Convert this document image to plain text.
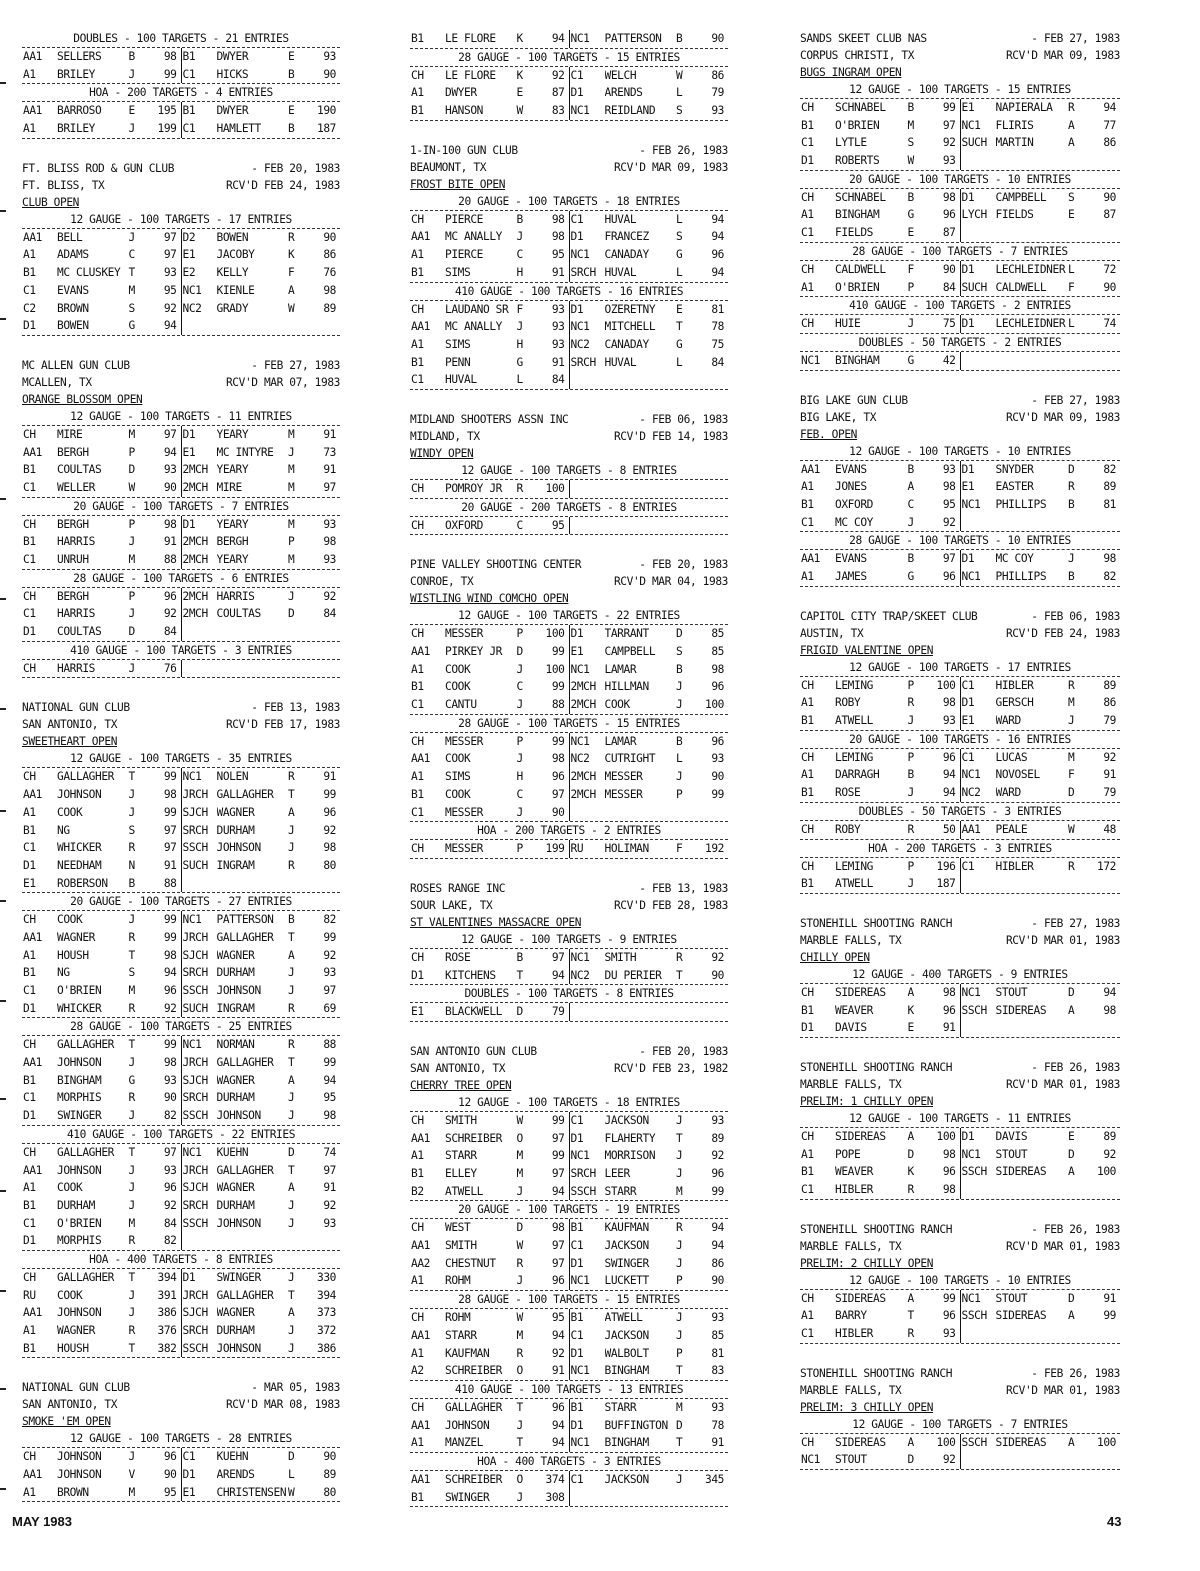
DOUBLES - 100 TARGETS - 21 ENTRIES
AA1	SELLERS	B	98 B1	DWYER	E	93
A1	BRILEY	J	99 C1	HICKS	B	90
HOA - 200 TARGETS - 4 ENTRIES
AA1	BARROSO	E	195 B1	DWYER	E	190
A1	BRILEY	J	199 C1	HAMLETT	B	187
FT. BLISS ROD & GUN CLUB	- FEB 20, 1983
FT. BLISS, TX	RCV'D FEB 24, 1983
CLUB OPEN
12 GAUGE - 100 TARGETS - 17 ENTRIES
AA1	BELL	J	97 D2	BOWEN	R	90
A1	ADAMS	C	97 E1	JACOBY	K	86
B1	MC CLUSKEY T	93 E2	KELLY	F	76
C1	EVANS	M	95 NC1	KIENLE	A	98
C2	BROWN	S	92 NC2	GRADY	W	89
D1	BOWEN	G	94
MC ALLEN GUN CLUB	- FEB 27, 1983
MCALLEN, TX	RCV'D MAR 07, 1983
ORANGE BLOSSOM OPEN
12 GAUGE - 100 TARGETS - 11 ENTRIES
CH	MIRE	M	97 D1	YEARY	M	91
AA1	BERGH	P	94 E1	MC INTYRE	J	73
B1	COULTAS	D	93 2MCH YEARY	M	91
C1	WELLER	W	90 2MCH MIRE	M	97
20 GAUGE - 100 TARGETS - 7 ENTRIES
CH	BERGH	P	98 D1	YEARY	M	93
B1	HARRIS	J	91 2MCH BERGH	P	98
C1	UNRUH	M	88 2MCH YEARY	M	93
28 GAUGE - 100 TARGETS - 6 ENTRIES
CH	BERGH	P	96 2MCH HARRIS	J	92
C1	HARRIS	J	92 2MCH COULTAS	D	84
D1	COULTAS	D	84
410 GAUGE - 100 TARGETS - 3 ENTRIES
CH	HARRIS	J	76
NATIONAL GUN CLUB	- FEB 13, 1983
SAN ANTONIO, TX	RCV'D FEB 17, 1983
SWEETHEART OPEN
12 GAUGE - 100 TARGETS - 35 ENTRIES
CH	GALLAGHER	T	99 NC1	NOLEN	R	91
AA1	JOHNSON	J	98 JRCH GALLAGHER	T	99
A1	COOK	J	99 SJCH WAGNER	A	96
B1	NG	S	97 SRCH DURHAM	J	92
C1	WHICKER	R	97 SSCH JOHNSON	J	98
D1	NEEDHAM	N	91 SUCH INGRAM	R	80
E1	ROBERSON	B	88
20 GAUGE - 100 TARGETS - 27 ENTRIES
CH	COOK	J	99 NC1	PATTERSON	B	82
AA1	WAGNER	R	99 JRCH GALLAGHER	T	99
A1	HOUSH	T	98 SJCH WAGNER	A	92
B1	NG	S	94 SRCH DURHAM	J	93
C1	O'BRIEN	M	96 SSCH JOHNSON	J	97
D1	WHICKER	R	92 SUCH INGRAM	R	69
28 GAUGE - 100 TARGETS - 25 ENTRIES
CH	GALLAGHER	T	99 NC1	NORMAN	R	88
AA1	JOHNSON	J	98 JRCH GALLAGHER	T	99
B1	BINGHAM	G	93 SJCH WAGNER	A	94
C1	MORPHIS	R	90 SRCH DURHAM	J	95
D1	SWINGER	J	82 SSCH JOHNSON	J	98
410 GAUGE - 100 TARGETS - 22 ENTRIES
CH	GALLAGHER	T	97 NC1	KUEHN	D	74
AA1	JOHNSON	J	93 JRCH GALLAGHER	T	97
A1	COOK	J	96 SJCH WAGNER	A	91
B1	DURHAM	J	92 SRCH DURHAM	J	92
C1	O'BRIEN	M	84 SSCH JOHNSON	J	93
D1	MORPHIS	R	82
HOA - 400 TARGETS - 8 ENTRIES
CH	GALLAGHER	T	394 D1	SWINGER	J	330
RU	COOK	J	391 JRCH GALLAGHER	T	394
AA1	JOHNSON	J	386 SJCH WAGNER	A	373
A1	WAGNER	R	376 SRCH DURHAM	J	372
B1	HOUSH	T	382 SSCH JOHNSON	J	386
NATIONAL GUN CLUB	- MAR 05, 1983
SAN ANTONIO, TX	RCV'D MAR 08, 1983
SMOKE 'EM OPEN
12 GAUGE - 100 TARGETS - 28 ENTRIES
CH	JOHNSON	J	96 C1	KUEHN	D	90
AA1	JOHNSON	V	90 D1	ARENDS	L	89
A1	BROWN	M	95 E1	CHRISTENSEN W	80
B1	LE FLORE	K	94 NC1	PATTERSON	B	90
28 GAUGE - 100 TARGETS - 15 ENTRIES
CH	LE FLORE	K	92 C1	WELCH	W	86
A1	DWYER	E	87 D1	ARENDS	L	79
B1	HANSON	W	83 NC1	REIDLAND	S	93
1-IN-100 GUN CLUB	- FEB 26, 1983
BEAUMONT, TX	RCV'D MAR 09, 1983
FROST BITE OPEN
20 GAUGE - 100 TARGETS - 18 ENTRIES
CH	PIERCE	B	98 C1	HUVAL	L	94
AA1	MC ANALLY	J	98 D1	FRANCEZ	S	94
A1	PIERCE	C	95 NC1	CANADAY	G	96
B1	SIMS	H	91 SRCH HUVAL	L	94
410 GAUGE - 100 TARGETS - 16 ENTRIES
CH	LAUDANO SR F	93 D1	OZERETNY	E	81
AA1	MC ANALLY	J	93 NC1	MITCHELL	T	78
A1	SIMS	H	93 NC2	CANADAY	G	75
B1	PENN	G	91 SRCH HUVAL	L	84
C1	HUVAL	L	84
MIDLAND SHOOTERS ASSN INC	- FEB 06, 1983
MIDLAND, TX	RCV'D FEB 14, 1983
WINDY OPEN
12 GAUGE - 100 TARGETS - 8 ENTRIES
CH	POMROY JR	R	100
20 GAUGE - 200 TARGETS - 8 ENTRIES
CH	OXFORD	C	95
PINE VALLEY SHOOTING CENTER	- FEB 20, 1983
CONROE, TX	RCV'D MAR 04, 1983
WISTLING WIND COMCHO OPEN
12 GAUGE - 100 TARGETS - 22 ENTRIES
CH	MESSER	P	100 D1	TARRANT	D	85
AA1	PIRKEY JR	D	99 E1	CAMPBELL	S	85
A1	COOK	J	100 NC1	LAMAR	B	98
B1	COOK	C	99 2MCH HILLMAN	J	96
C1	CANTU	J	88 2MCH COOK	J	100
28 GAUGE - 100 TARGETS - 15 ENTRIES
CH	MESSER	P	99 NC1	LAMAR	B	96
AA1	COOK	J	98 NC2	CUTRIGHT	L	93
A1	SIMS	H	96 2MCH MESSER	J	90
B1	COOK	C	97 2MCH MESSER	P	99
C1	MESSER	J	90
HOA - 200 TARGETS - 2 ENTRIES
CH	MESSER	P	199 RU	HOLIMAN	F	192
ROSES RANGE INC	- FEB 13, 1983
SOUR LAKE, TX	RCV'D FEB 28, 1983
ST VALENTINES MASSACRE OPEN
12 GAUGE - 100 TARGETS - 9 ENTRIES
CH	ROSE	B	97 NC1	SMITH	R	92
D1	KITCHENS	T	94 NC2	DU PERIER	T	90
DOUBLES - 100 TARGETS - 8 ENTRIES
E1	BLACKWELL	D	79
SAN ANTONIO GUN CLUB	- FEB 20, 1983
SAN ANTONIO, TX	RCV'D FEB 23, 1982
CHERRY TREE OPEN
12 GAUGE - 100 TARGETS - 18 ENTRIES
CH	SMITH	W	99 C1	JACKSON	J	93
AA1	SCHREIBER	O	97 D1	FLAHERTY	T	89
A1	STARR	M	99 NC1	MORRISON	J	92
B1	ELLEY	M	97 SRCH LEER	J	96
B2	ATWELL	J	94 SSCH STARR	M	99
20 GAUGE - 100 TARGETS - 19 ENTRIES
CH	WEST	D	98 B1	KAUFMAN	R	94
AA1	SMITH	W	97 C1	JACKSON	J	94
AA2	CHESTNUT	R	97 D1	SWINGER	J	86
A1	ROHM	J	96 NC1	LUCKETT	P	90
28 GAUGE - 100 TARGETS - 15 ENTRIES
CH	ROHM	W	95 B1	ATWELL	J	93
AA1	STARR	M	94 C1	JACKSON	J	85
A1	KAUFMAN	R	92 D1	WALBOLT	P	81
A2	SCHREIBER	O	91 NC1	BINGHAM	T	83
410 GAUGE - 100 TARGETS - 13 ENTRIES
CH	GALLAGHER	T	96 B1	STARR	M	93
AA1	JOHNSON	J	94 D1	BUFFINGTON D	78
A1	MANZEL	T	94 NC1	BINGHAM	T	91
HOA - 400 TARGETS - 3 ENTRIES
AA1	SCHREIBER	O	374 C1	JACKSON	J	345
B1	SWINGER	J	308
SANDS SKEET CLUB NAS	- FEB 27, 1983
CORPUS CHRISTI, TX	RCV'D MAR 09, 1983
BUGS INGRAM OPEN
12 GAUGE - 100 TARGETS - 15 ENTRIES
CH	SCHNABEL	B	99 E1	NAPIERALA	R	94
B1	O'BRIEN	M	97 NC1	FLIRIS	A	77
C1	LYTLE	S	92 SUCH MARTIN	A	86
D1	ROBERTS	W	93
20 GAUGE - 100 TARGETS - 10 ENTRIES
CH	SCHNABEL	B	98 D1	CAMPBELL	S	90
A1	BINGHAM	G	96 LYCH FIELDS	E	87
C1	FIELDS	E	87
28 GAUGE - 100 TARGETS - 7 ENTRIES
CH	CALDWELL	F	90 D1	LECHLEIDNER L	72
A1	O'BRIEN	P	84 SUCH CALDWELL	F	90
410 GAUGE - 100 TARGETS - 2 ENTRIES
CH	HUIE	J	75 D1	LECHLEIDNER L	74
DOUBLES - 50 TARGETS - 2 ENTRIES
NC1	BINGHAM	G	42
BIG LAKE GUN CLUB	- FEB 27, 1983
BIG LAKE, TX	RCV'D MAR 09, 1983
FEB. OPEN
12 GAUGE - 100 TARGETS - 10 ENTRIES
AA1	EVANS	B	93 D1	SNYDER	D	82
A1	JONES	A	98 E1	EASTER	R	89
B1	OXFORD	C	95 NC1	PHILLIPS	B	81
C1	MC COY	J	92
28 GAUGE - 100 TARGETS - 10 ENTRIES
AA1	EVANS	B	97 D1	MC COY	J	98
A1	JAMES	G	96 NC1	PHILLIPS	B	82
CAPITOL CITY TRAP/SKEET CLUB	- FEB 06, 1983
AUSTIN, TX	RCV'D FEB 24, 1983
FRIGID VALENTINE OPEN
12 GAUGE - 100 TARGETS - 17 ENTRIES
CH	LEMING	P	100 C1	HIBLER	R	89
A1	ROBY	R	98 D1	GERSCH	M	86
B1	ATWELL	J	93 E1	WARD	J	79
20 GAUGE - 100 TARGETS - 16 ENTRIES
CH	LEMING	P	96 C1	LUCAS	M	92
A1	DARRAGH	B	94 NC1	NOVOSEL	F	91
B1	ROSE	J	94 NC2	WARD	D	79
DOUBLES - 50 TARGETS - 3 ENTRIES
CH	ROBY	R	50 AA1	PEALE	W	48
HOA - 200 TARGETS - 3 ENTRIES
CH	LEMING	P	196 C1	HIBLER	R	172
B1	ATWELL	J	187
STONEHILL SHOOTING RANCH	- FEB 27, 1983
MARBLE FALLS, TX	RCV'D MAR 01, 1983
CHILLY OPEN
12 GAUGE - 400 TARGETS - 9 ENTRIES
CH	SIDEREAS	A	98 NC1	STOUT	D	94
B1	WEAVER	K	96 SSCH SIDEREAS	A	98
D1	DAVIS	E	91
STONEHILL SHOOTING RANCH	- FEB 26, 1983
MARBLE FALLS, TX	RCV'D MAR 01, 1983
PRELIM: 1 CHILLY OPEN
12 GAUGE - 100 TARGETS - 11 ENTRIES
CH	SIDEREAS	A	100 D1	DAVIS	E	89
A1	POPE	D	98 NC1	STOUT	D	92
B1	WEAVER	K	96 SSCH SIDEREAS	A	100
C1	HIBLER	R	98
STONEHILL SHOOTING RANCH	- FEB 26, 1983
MARBLE FALLS, TX	RCV'D MAR 01, 1983
PRELIM: 2 CHILLY OPEN
12 GAUGE - 100 TARGETS - 10 ENTRIES
CH	SIDEREAS	A	99 NC1	STOUT	D	91
A1	BARRY	T	96 SSCH SIDEREAS	A	99
C1	HIBLER	R	93
STONEHILL SHOOTING RANCH	- FEB 26, 1983
MARBLE FALLS, TX	RCV'D MAR 01, 1983
PRELIM: 3 CHILLY OPEN
12 GAUGE - 100 TARGETS - 7 ENTRIES
CH	SIDEREAS	A	100 SSCH SIDEREAS	A	100
NC1	STOUT	D	92
MAY 1983	43
